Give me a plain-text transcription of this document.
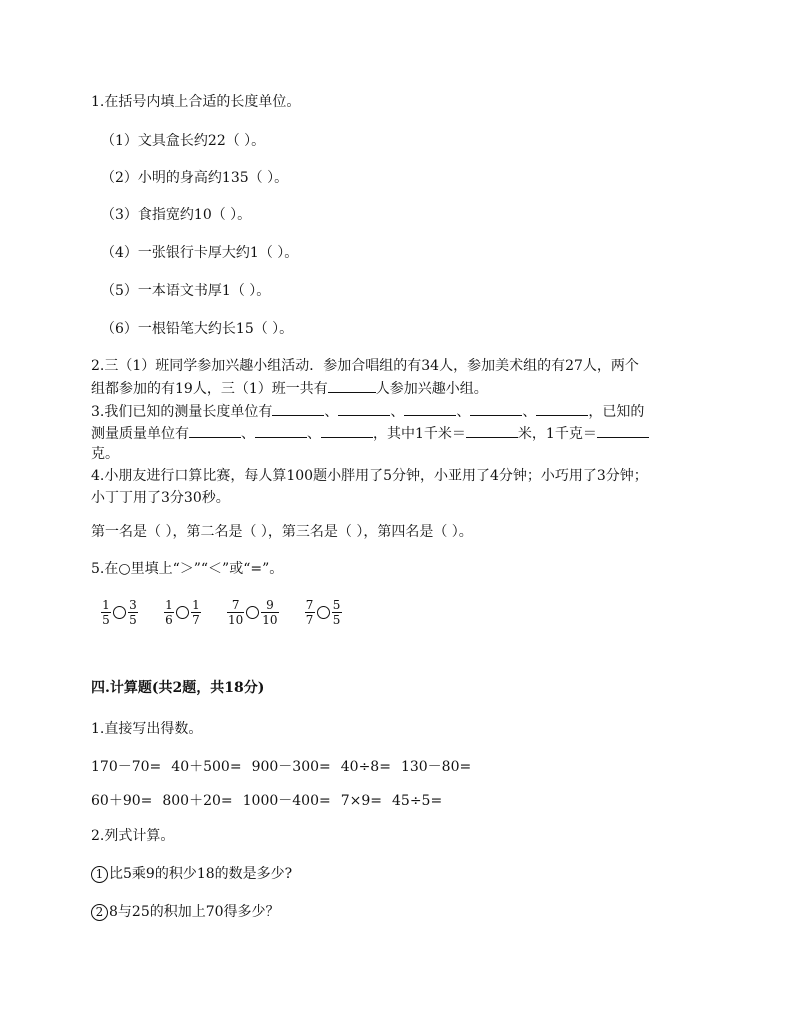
1.在括号内填上合适的长度单位。
（1）文具盒长约22（ ）。
（2）小明的身高约135（ ）。
（3）食指宽约10（ ）。
（4）一张银行卡厚大约1（ ）。
（5）一本语文书厚1（ ）。
（6）一根铅笔大约长15（ ）。
2.三（1）班同学参加兴趣小组活动．参加合唱组的有34人，参加美术组的有27人，两个
组都参加的有19人，三（1）班一共有	人参加兴趣小组。
3.我们已知的测量长度单位有	、	、	、	、	，已知的
测量质量单位有	、	、	，其中1千米＝	米，1千克＝
克。
4.小朋友进行口算比赛，每人算100题小胖用了5分钟，小亚用了4分钟；小巧用了3分钟；
小丁丁用了3分30秒。
第一名是（ ），第二名是（ ），第三名是（ ），第四名是（ ）。
5.在○里填上“＞”“＜”或“=”。
$\frac{1}{5} \frac{3}{5} \frac{1}{6} \frac{1}{7} \frac{7}{10} \frac{9}{10} \frac{7}{7} \frac{5}{5}$
四.计算题(共2题，共18分)
1.直接写出得数。
170－70= 40＋500= 900－300= 40÷8= 130－80=
60＋90= 800＋20= 1000－400= 7×9= 45÷5=
2.列式计算。
1 比5乘9的积少18的数是多少?
2 8与25的积加上70得多少？
